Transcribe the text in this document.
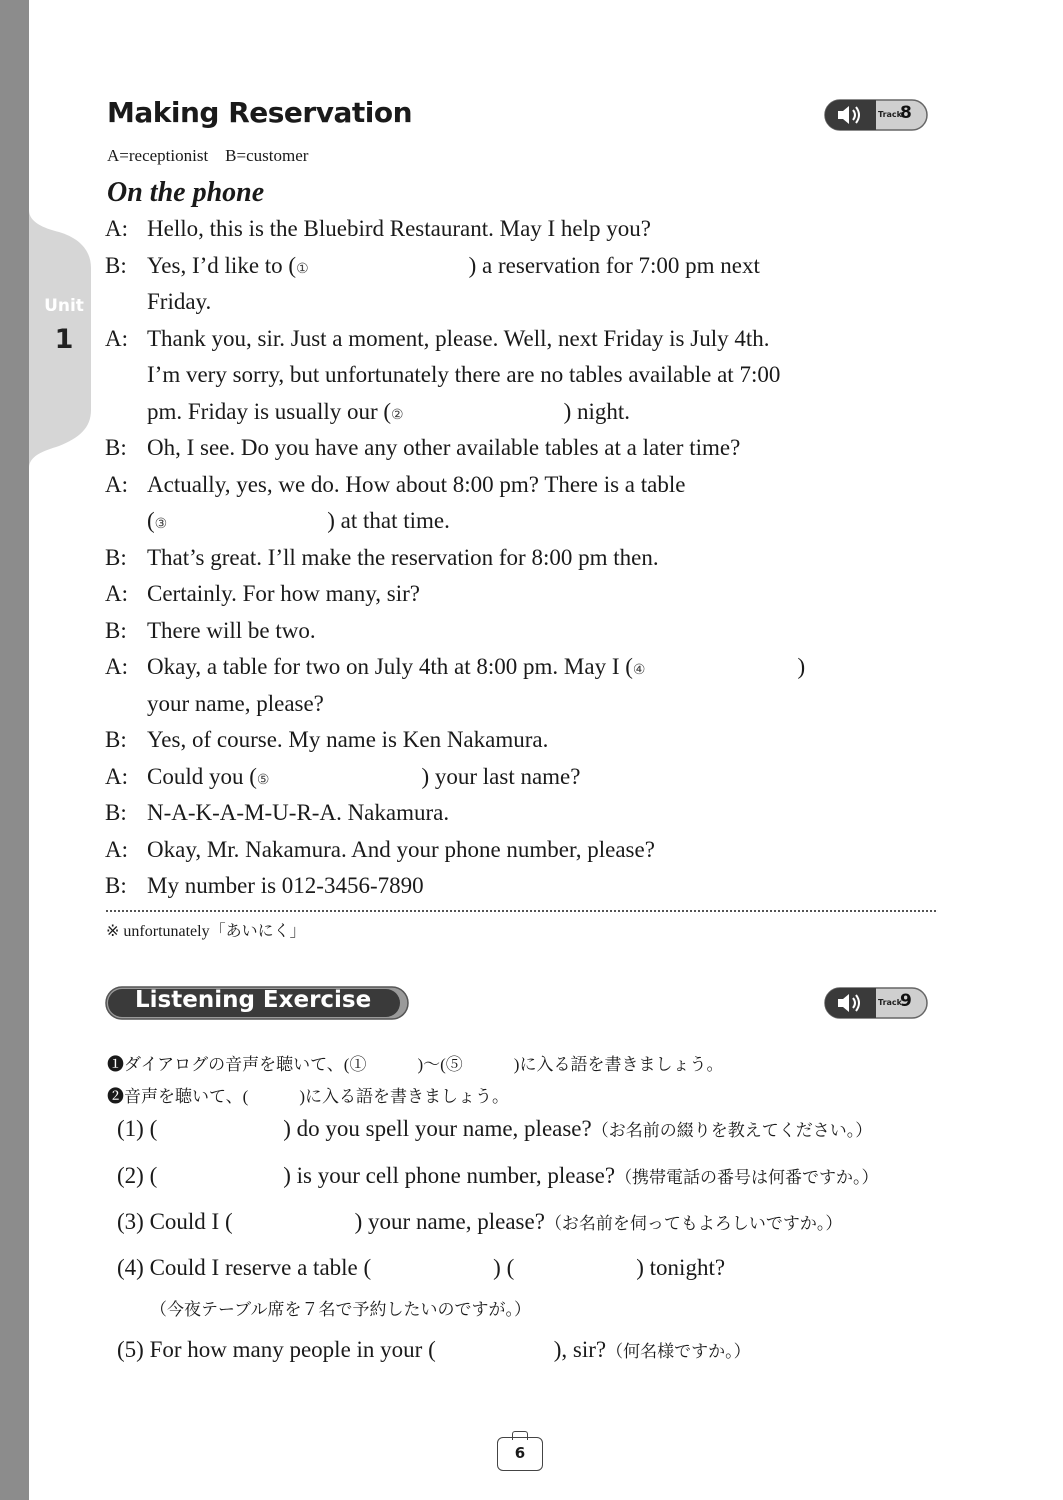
Unit
1
Making Reservation
A=receptionist　B=customer
Track
8
On the phone
A: Hello, this is the Bluebird Restaurant. May I help you?
B: Yes, I’d like to (①	) a reservation for 7:00 pm next
Friday.
A: Thank you, sir. Just a moment, please. Well, next Friday is July 4th.
I’m very sorry, but unfortunately there are no tables available at 7:00
pm. Friday is usually our (②	) night.
B: Oh, I see. Do you have any other available tables at a later time?
A: Actually, yes, we do. How about 8:00 pm? There is a table
(③	) at that time.
B: That’s great. I’ll make the reservation for 8:00 pm then.
A: Certainly. For how many, sir?
B: There will be two.
A: Okay, a table for two on July 4th at 8:00 pm. May I (④	)
your name, please?
B: Yes, of course. My name is Ken Nakamura.
A: Could you (⑤	) your last name?
B: N-A-K-A-M-U-R-A. Nakamura.
A: Okay, Mr. Nakamura. And your phone number, please?
B: My number is 012-3456-7890
※ unfortunately「あいにく」
Listening Exercise	Track
9
❶ダイアログの音声を聴いて、(①　　　)～(⑤　　　)に入る語を書きましょう。
❷音声を聴いて、(　　　)に入る語を書きましょう。
(1) (	) do you spell your name, please?（お名前の綴りを教えてください。）
(2) (	) is your cell phone number, please?（携帯電話の番号は何番ですか。）
(3) Could I (	) your name, please?（お名前を伺ってもよろしいですか。）
(4) Could I reserve a table (	) (	) tonight?
（今夜テーブル席を７名で予約したいのですが。）
(5) For how many people in your (	), sir?（何名様ですか。）
6
